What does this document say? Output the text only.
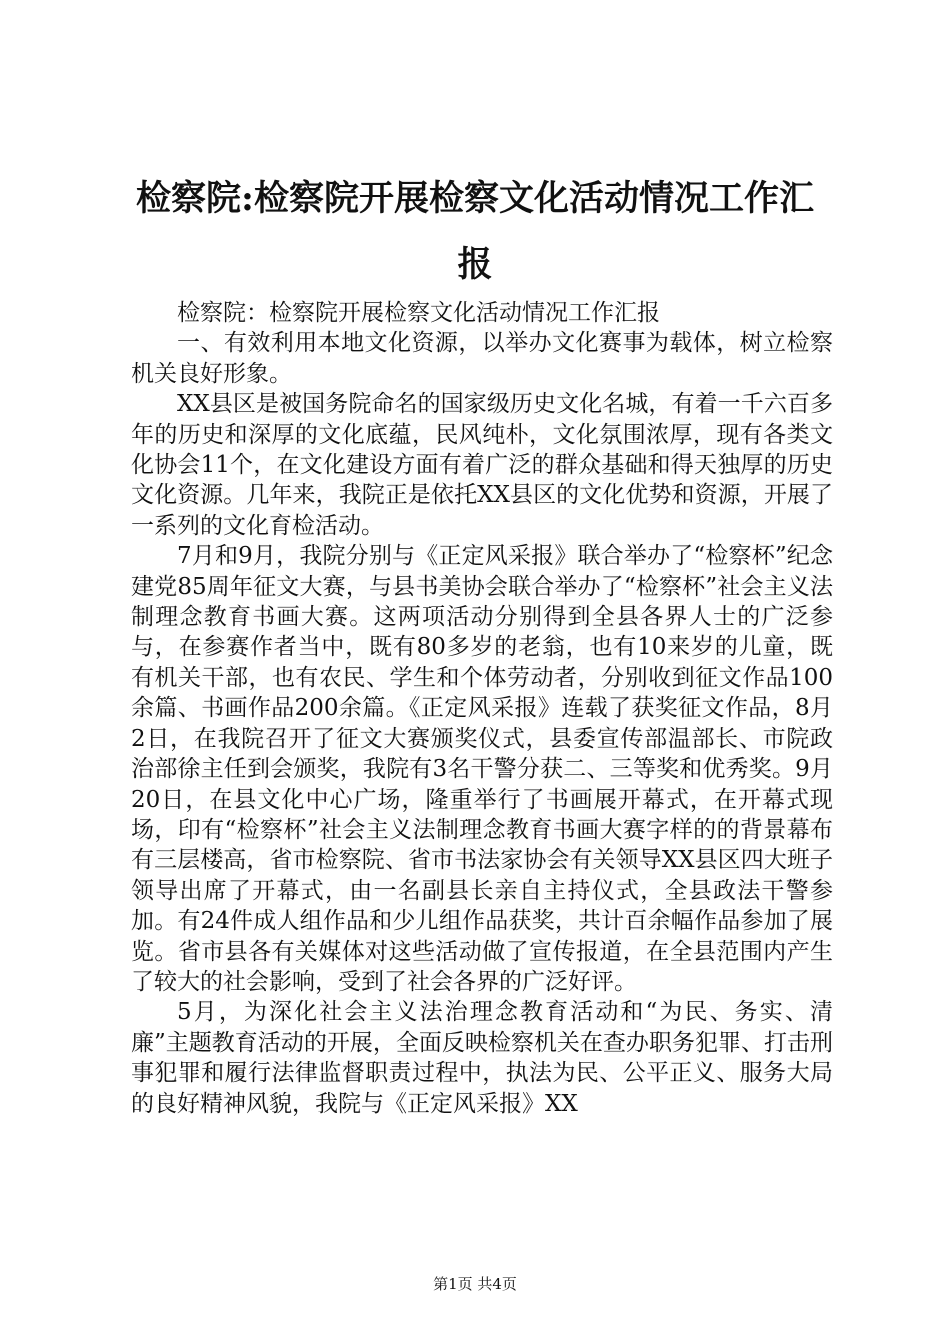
检察院:检察院开展检察文化活动情况工作汇报

检察院：检察院开展检察文化活动情况工作汇报

一、有效利用本地文化资源，以举办文化赛事为载体，树立检察机关良好形象。

XX县区是被国务院命名的国家级历史文化名城，有着一千六百多年的历史和深厚的文化底蕴，民风纯朴，文化氛围浓厚，现有各类文化协会11个，在文化建设方面有着广泛的群众基础和得天独厚的历史文化资源。几年来，我院正是依托XX县区的文化优势和资源，开展了一系列的文化育检活动。

7月和9月，我院分别与《正定风采报》联合举办了“检察杯”纪念建党85周年征文大赛，与县书美协会联合举办了“检察杯”社会主义法制理念教育书画大赛。这两项活动分别得到全县各界人士的广泛参与，在参赛作者当中，既有80多岁的老翁，也有10来岁的儿童，既有机关干部，也有农民、学生和个体劳动者，分别收到征文作品100余篇、书画作品200余篇。《正定风采报》连载了获奖征文作品，8月2日，在我院召开了征文大赛颁奖仪式，县委宣传部温部长、市院政治部徐主任到会颁奖，我院有3名干警分获二、三等奖和优秀奖。9月20日，在县文化中心广场，隆重举行了书画展开幕式，在开幕式现场，印有“检察杯”社会主义法制理念教育书画大赛字样的的背景幕布有三层楼高，省市检察院、省市书法家协会有关领导XX县区四大班子领导出席了开幕式，由一名副县长亲自主持仪式，全县政法干警参加。有24件成人组作品和少儿组作品获奖，共计百余幅作品参加了展览。省市县各有关媒体对这些活动做了宣传报道，在全县范围内产生了较大的社会影响，受到了社会各界的广泛好评。

5月，为深化社会主义法治理念教育活动和“为民、务实、清廉”主题教育活动的开展，全面反映检察机关在查办职务犯罪、打击刑事犯罪和履行法律监督职责过程中，执法为民、公平正义、服务大局的良好精神风貌，我院与《正定风采报》XX

第1页 共4页
